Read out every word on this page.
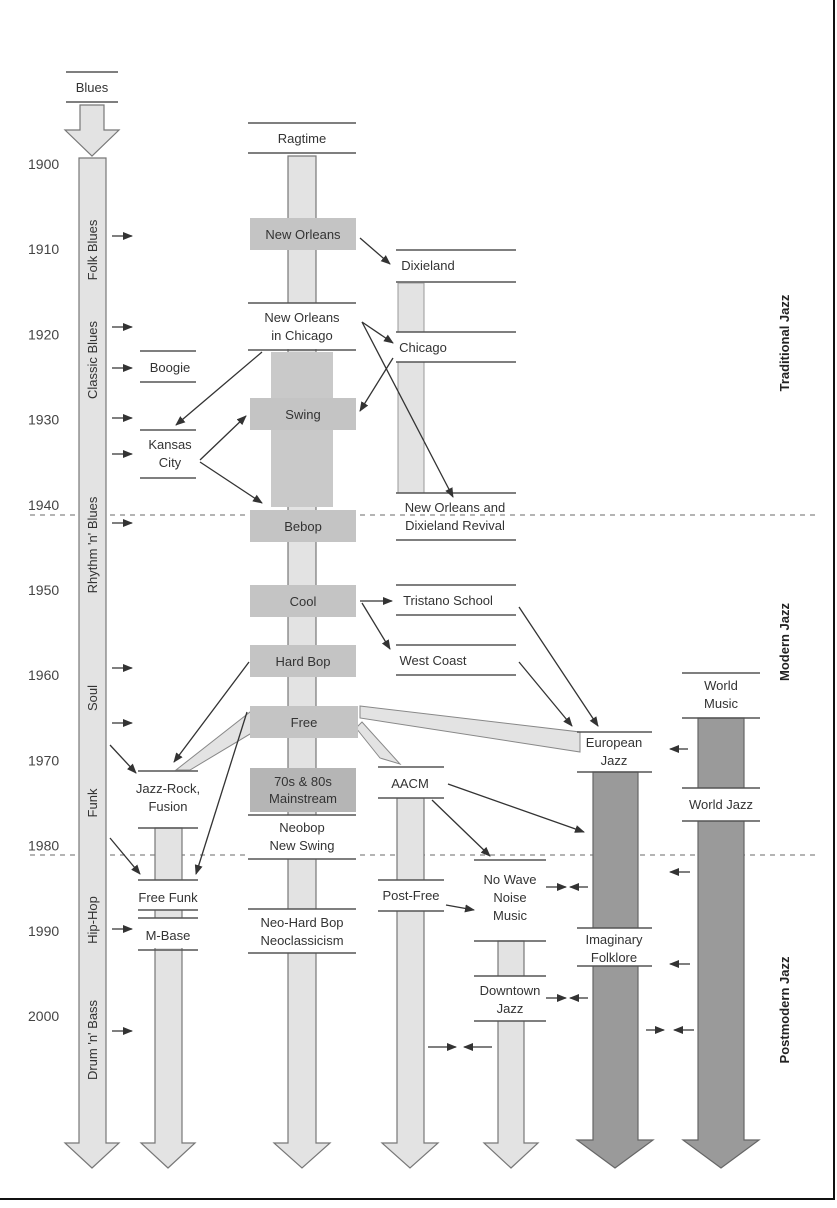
1900
1910
1920
1930
1940
1950
1960
1970
1980
1990
2000
Blues
Folk Blues
Classic Blues
Rhythm 'n' Blues
Soul
Funk
Hip-Hop
Drum 'n' Bass
Boogie
Kansas
City
Jazz-Rock,
Fusion
Free Funk
M-Base
Ragtime
New Orleans
New Orleans
in Chicago
Swing
Bebop
Cool
Hard Bop
Free
70s & 80s
Mainstream
Neobop
New Swing
Neo-Hard Bop
Neoclassicism
Dixieland
Chicago
New Orleans and
Dixieland Revival
Tristano School
West Coast
AACM
Post-Free
No Wave
Noise
Music
Downtown
Jazz
European
Jazz
Imaginary
Folklore
World
Music
World Jazz
Traditional Jazz
Modern Jazz
Postmodern Jazz
